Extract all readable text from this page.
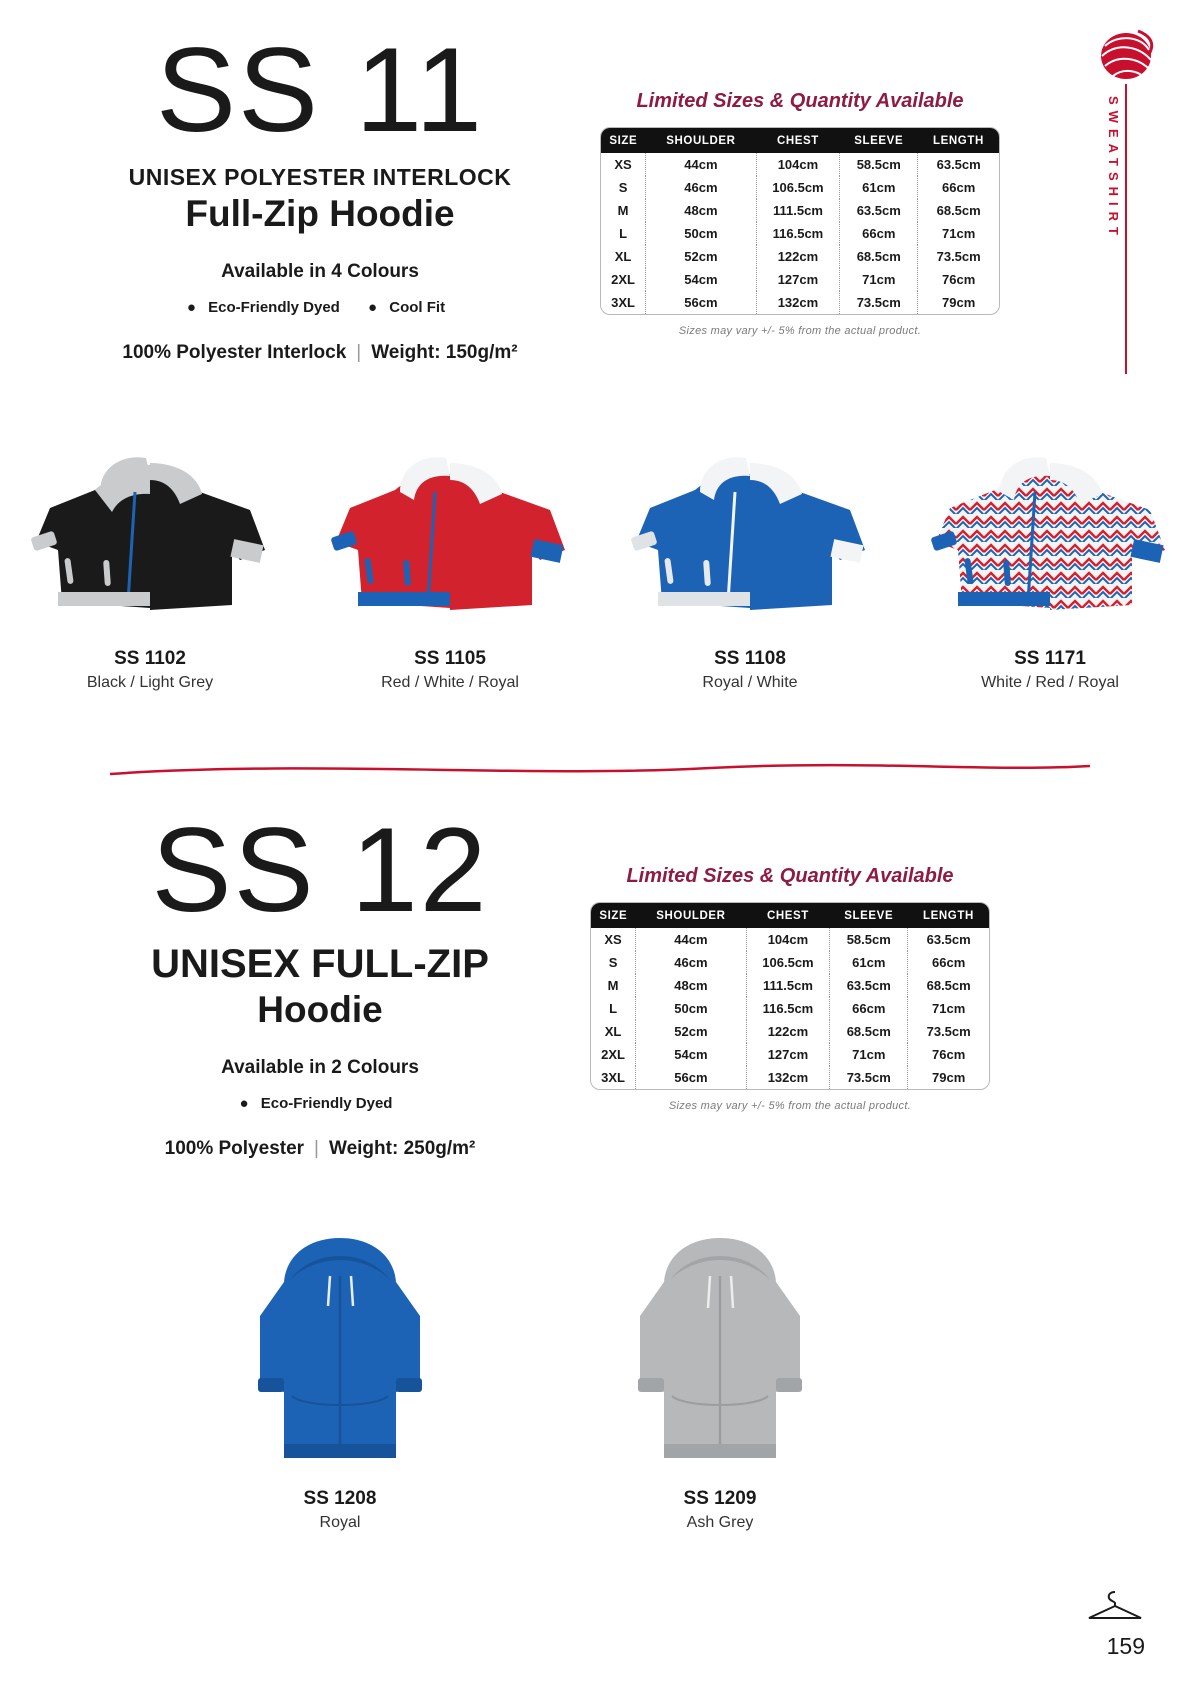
SWEATSHIRT
SS 11
UNISEX POLYESTER INTERLOCK
Full-Zip Hoodie
Available in 4 Colours
● Eco-Friendly Dyed ● Cool Fit
100% Polyester Interlock | Weight: 150g/m²
Limited Sizes & Quantity Available
SIZE	SHOULDER	CHEST	SLEEVE	LENGTH
XS	44cm	104cm	58.5cm	63.5cm
S	46cm	106.5cm	61cm	66cm
M	48cm	111.5cm	63.5cm	68.5cm
L	50cm	116.5cm	66cm	71cm
XL	52cm	122cm	68.5cm	73.5cm
2XL	54cm	127cm	71cm	76cm
3XL	56cm	132cm	73.5cm	79cm
Sizes may vary +/- 5% from the actual product.
SS 1102
Black / Light Grey
SS 1105
Red / White / Royal
SS 1108
Royal / White
SS 1171
White / Red / Royal
SS 12
UNISEX FULL-ZIP
Hoodie
Available in 2 Colours
● Eco-Friendly Dyed
100% Polyester | Weight: 250g/m²
Limited Sizes & Quantity Available
SIZE	SHOULDER	CHEST	SLEEVE	LENGTH
XS	44cm	104cm	58.5cm	63.5cm
S	46cm	106.5cm	61cm	66cm
M	48cm	111.5cm	63.5cm	68.5cm
L	50cm	116.5cm	66cm	71cm
XL	52cm	122cm	68.5cm	73.5cm
2XL	54cm	127cm	71cm	76cm
3XL	56cm	132cm	73.5cm	79cm
Sizes may vary +/- 5% from the actual product.
SS 1208
Royal
SS 1209
Ash Grey
159
